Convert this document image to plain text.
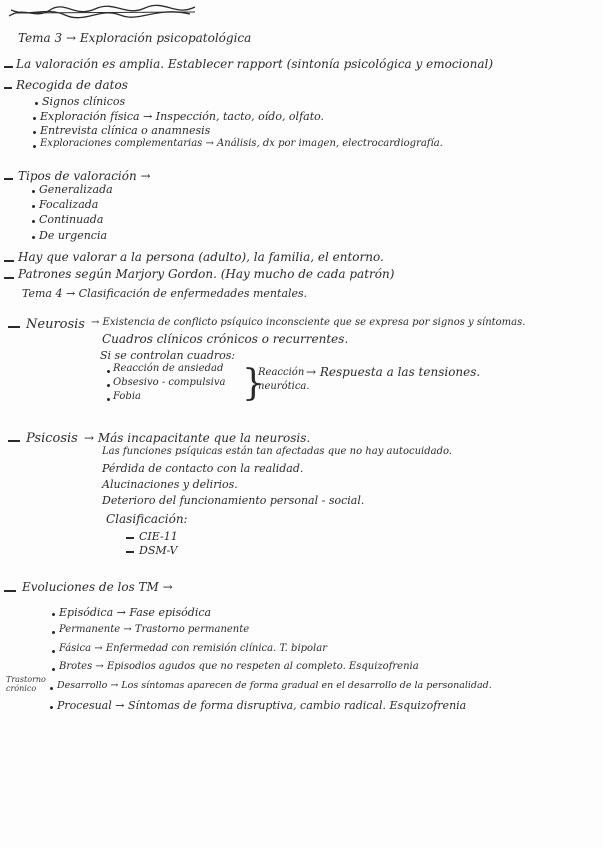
Tema 3 → Exploración psicopatológica
La valoración es amplia. Establecer rapport (sintonía psicológica y emocional)
Recogida de datos
Signos clínicos
Exploración física → Inspección, tacto, oído, olfato.
Entrevista clínica o anamnesis
Exploraciones complementarias → Análisis, dx por imagen, electrocardiografía.
Tipos de valoración →
Generalizada
Focalizada
Continuada
De urgencia
Hay que valorar a la persona (adulto), la familia, el entorno.
Patrones según Marjory Gordon. (Hay mucho de cada patrón)
Tema 4 → Clasificación de enfermedades mentales.
Neurosis → Existencia de conflicto psíquico inconsciente que se expresa por signos y síntomas.
Cuadros clínicos crónicos o recurrentes.
Si se controlan cuadros:
Reacción de ansiedad
Obsesivo - compulsiva
Fobia	}
Reacción neurótica.
→ Respuesta a las tensiones.
Psicosis → Más incapacitante que la neurosis.
Las funciones psíquicas están tan afectadas que no hay autocuidado.
Pérdida de contacto con la realidad.
Alucinaciones y delirios.
Deterioro del funcionamiento personal - social.
Clasificación:
CIE-11
DSM-V
Evoluciones de los TM →
Episódica → Fase episódica
Permanente → Trastorno permanente
Fásica → Enfermedad con remisión clínica. T. bipolar
Brotes → Episodios agudos que no respeten al completo. Esquizofrenia
Desarrollo → Los síntomas aparecen de forma gradual en el desarrollo de la personalidad.
Procesual → Síntomas de forma disruptiva, cambio radical. Esquizofrenia
Trastorno crónico
